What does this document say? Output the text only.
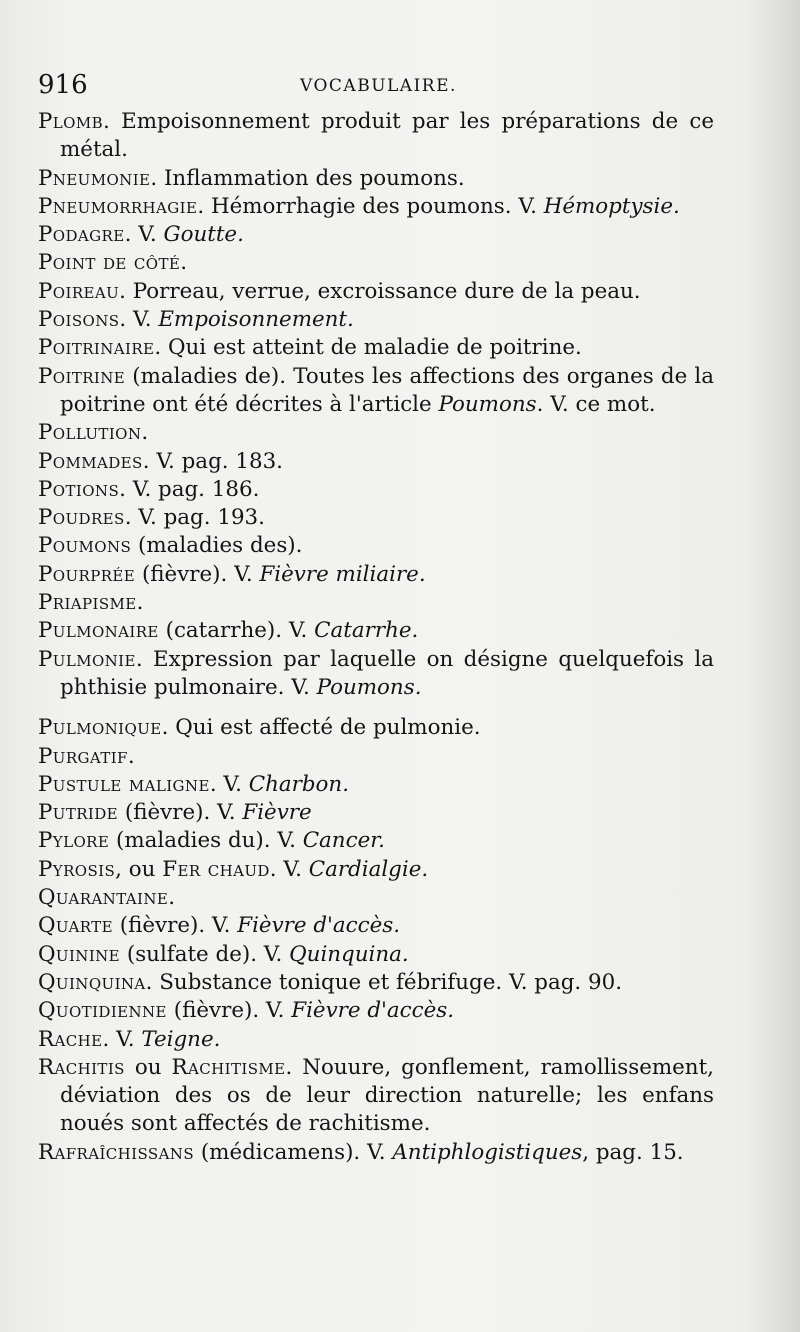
916	VOCABULAIRE.

Plomb. Empoisonnement produit par les préparations de ce métal.

Pneumonie. Inflammation des poumons.

Pneumorrhagie. Hémorrhagie des poumons. V. Hémoptysie.

Podagre. V. Goutte.

Point de côté.

Poireau. Porreau, verrue, excroissance dure de la peau.

Poisons. V. Empoisonnement.

Poitrinaire. Qui est atteint de maladie de poitrine.

Poitrine (maladies de). Toutes les affections des organes de la poitrine ont été décrites à l'article Poumons. V. ce mot.

Pollution.

Pommades. V. pag. 183.

Potions. V. pag. 186.

Poudres. V. pag. 193.

Poumons (maladies des).

Pourprée (fièvre). V. Fièvre miliaire.

Priapisme.

Pulmonaire (catarrhe). V. Catarrhe.

Pulmonie. Expression par laquelle on désigne quelquefois la phthisie pulmonaire. V. Poumons.

Pulmonique. Qui est affecté de pulmonie.

Purgatif.

Pustule maligne. V. Charbon.

Putride (fièvre). V. Fièvre

Pylore (maladies du). V. Cancer.

Pyrosis, ou Fer chaud. V. Cardialgie.

Quarantaine.

Quarte (fièvre). V. Fièvre d'accès.

Quinine (sulfate de). V. Quinquina.

Quinquina. Substance tonique et fébrifuge. V. pag. 90.

Quotidienne (fièvre). V. Fièvre d'accès.

Rache. V. Teigne.

Rachitis ou Rachitisme. Nouure, gonflement, ramollissement, déviation des os de leur direction naturelle; les enfans noués sont affectés de rachitisme.

Rafraîchissans (médicamens). V. Antiphlogistiques, pag. 15.
